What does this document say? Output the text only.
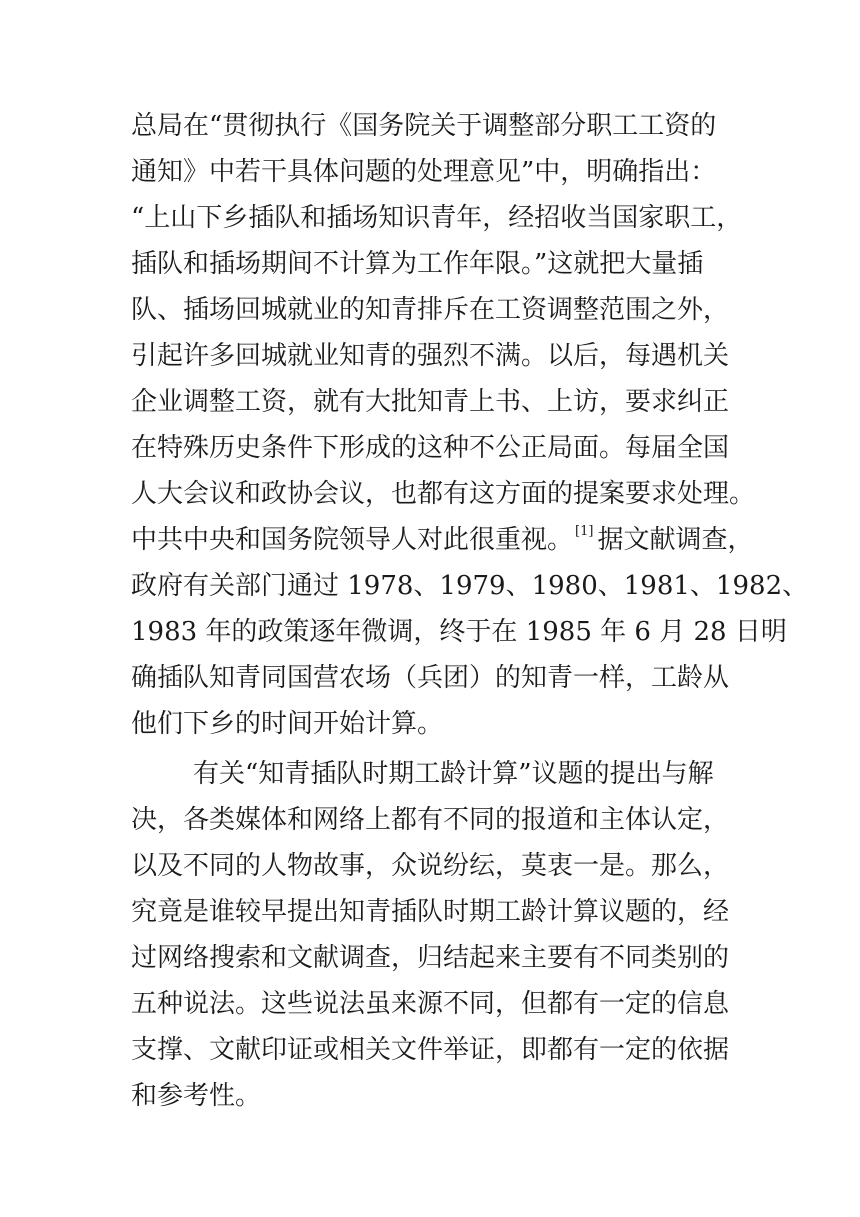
总局在“贯彻执行《国务院关于调整部分职工工资的
通知》中若干具体问题的处理意见”中，明确指出：
“上山下乡插队和插场知识青年，经招收当国家职工，
插队和插场期间不计算为工作年限。”这就把大量插
队、插场回城就业的知青排斥在工资调整范围之外，
引起许多回城就业知青的强烈不满。以后，每遇机关
企业调整工资，就有大批知青上书、上访，要求纠正
在特殊历史条件下形成的这种不公正局面。每届全国
人大会议和政协会议，也都有这方面的提案要求处理。
中共中央和国务院领导人对此很重视。 [1] 据文献调查，
政府有关部门通过 1978、1979、1980、1981、1982、
1983 年的政策逐年微调，终于在 1985 年 6 月 28 日明
确插队知青同国营农场（兵团）的知青一样，工龄从
他们下乡的时间开始计算。
有关“知青插队时期工龄计算”议题的提出与解
决，各类媒体和网络上都有不同的报道和主体认定，
以及不同的人物故事，众说纷纭，莫衷一是。那么，
究竟是谁较早提出知青插队时期工龄计算议题的，经
过网络搜索和文献调查，归结起来主要有不同类别的
五种说法。这些说法虽来源不同，但都有一定的信息
支撑、文献印证或相关文件举证，即都有一定的依据
和参考性。
